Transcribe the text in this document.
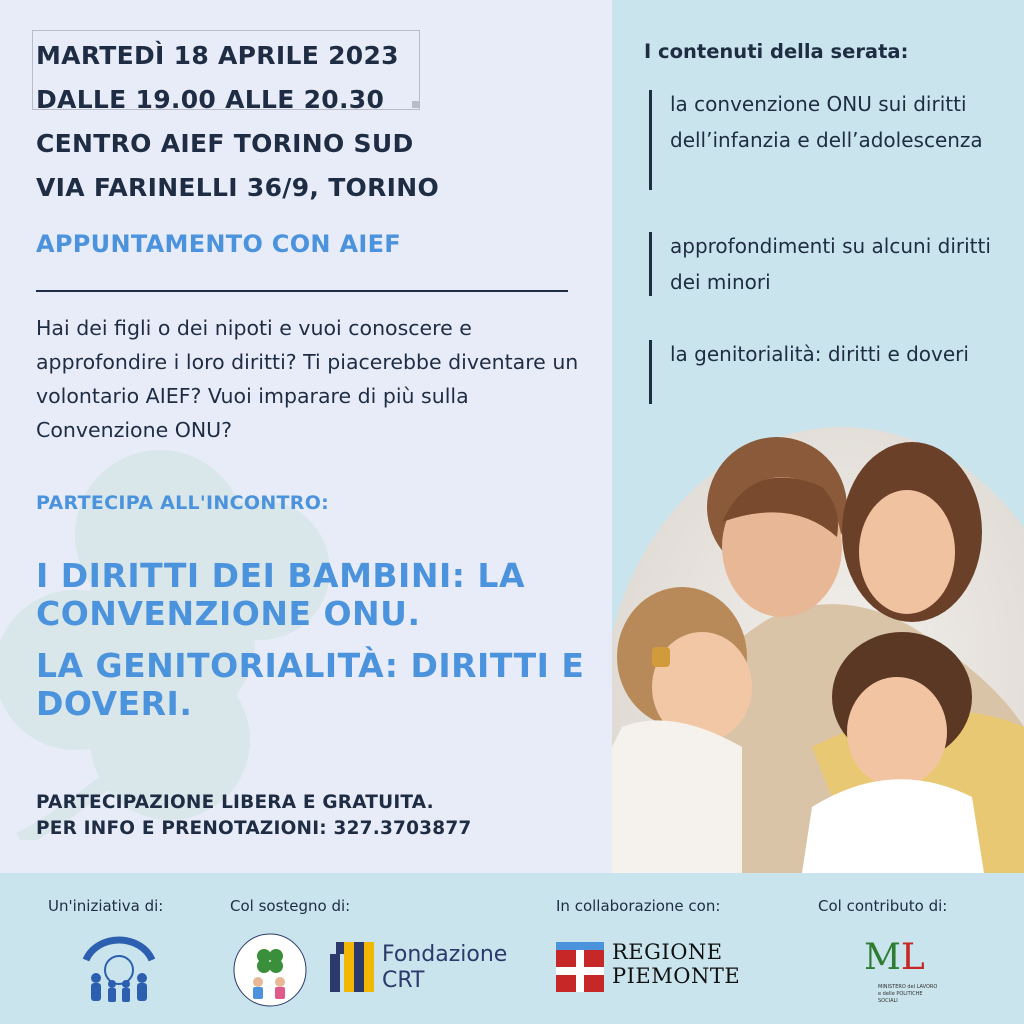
MARTEDÌ 18 APRILE 2023
DALLE 19.00 ALLE 20.30
CENTRO AIEF TORINO SUD
VIA FARINELLI 36/9, TORINO
APPUNTAMENTO CON AIEF
Hai dei figli o dei nipoti e vuoi conoscere e approfondire i loro diritti? Ti piacerebbe diventare un volontario AIEF? Vuoi imparare di più sulla Convenzione ONU?
PARTECIPA ALL'INCONTRO:
I DIRITTI DEI BAMBINI: LA CONVENZIONE ONU.
LA GENITORIALITÀ: DIRITTI E DOVERI.
PARTECIPAZIONE LIBERA E GRATUITA.
PER INFO E PRENOTAZIONI: 327.3703877
I contenuti della serata:
la convenzione ONU sui diritti dell’infanzia e dell’adolescenza
approfondimenti su alcuni diritti dei minori
la genitorialità: diritti e doveri
Un'iniziativa di:	Col sostegno di:	In collaborazione con:	Col contributo di:
Fondazione
CRT
REGIONE
PIEMONTE	ML
MINISTERO del LAVORO e delle POLITICHE SOCIALI
